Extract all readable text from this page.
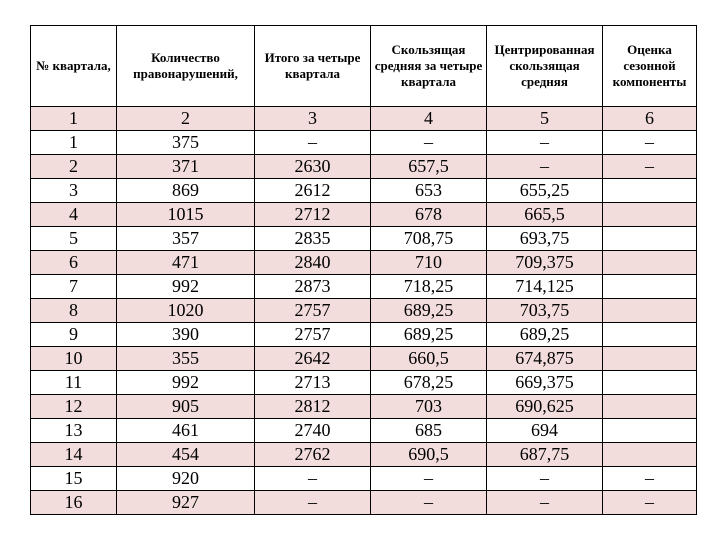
№ квартала,	Количество правонарушений,	Итого за четыре квартала	Скользящая средняя за четыре квартала	Центрированная скользящая средняя	Оценка сезонной компоненты
1	2	3	4	5	6
1	375	–	–	–	–
2	371	2630	657,5	–	–
3	869	2612	653	655,25	
4	1015	2712	678	665,5	
5	357	2835	708,75	693,75	
6	471	2840	710	709,375	
7	992	2873	718,25	714,125	
8	1020	2757	689,25	703,75	
9	390	2757	689,25	689,25	
10	355	2642	660,5	674,875	
11	992	2713	678,25	669,375	
12	905	2812	703	690,625	
13	461	2740	685	694	
14	454	2762	690,5	687,75	
15	920	–	–	–	–
16	927	–	–	–	–
